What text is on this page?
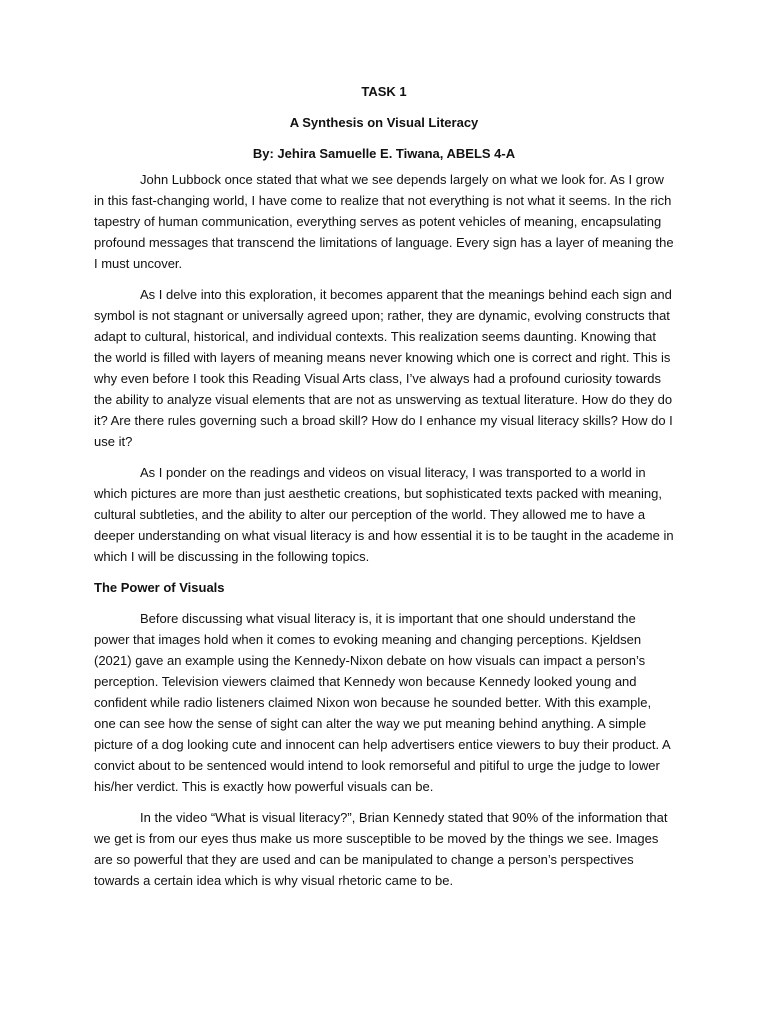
TASK 1
A Synthesis on Visual Literacy
By: Jehira Samuelle E. Tiwana, ABELS 4-A

John Lubbock once stated that what we see depends largely on what we look for. As I grow in this fast-changing world, I have come to realize that not everything is not what it seems. In the rich tapestry of human communication, everything serves as potent vehicles of meaning, encapsulating profound messages that transcend the limitations of language. Every sign has a layer of meaning the I must uncover.

As I delve into this exploration, it becomes apparent that the meanings behind each sign and symbol is not stagnant or universally agreed upon; rather, they are dynamic, evolving constructs that adapt to cultural, historical, and individual contexts. This realization seems daunting. Knowing that the world is filled with layers of meaning means never knowing which one is correct and right. This is why even before I took this Reading Visual Arts class, I’ve always had a profound curiosity towards the ability to analyze visual elements that are not as unswerving as textual literature. How do they do it? Are there rules governing such a broad skill? How do I enhance my visual literacy skills? How do I use it?

As I ponder on the readings and videos on visual literacy, I was transported to a world in which pictures are more than just aesthetic creations, but sophisticated texts packed with meaning, cultural subtleties, and the ability to alter our perception of the world. They allowed me to have a deeper understanding on what visual literacy is and how essential it is to be taught in the academe in which I will be discussing in the following topics.

The Power of Visuals

Before discussing what visual literacy is, it is important that one should understand the power that images hold when it comes to evoking meaning and changing perceptions. Kjeldsen (2021) gave an example using the Kennedy-Nixon debate on how visuals can impact a person’s perception. Television viewers claimed that Kennedy won because Kennedy looked young and confident while radio listeners claimed Nixon won because he sounded better. With this example, one can see how the sense of sight can alter the way we put meaning behind anything. A simple picture of a dog looking cute and innocent can help advertisers entice viewers to buy their product. A convict about to be sentenced would intend to look remorseful and pitiful to urge the judge to lower his/her verdict. This is exactly how powerful visuals can be.

In the video “What is visual literacy?”, Brian Kennedy stated that 90% of the information that we get is from our eyes thus make us more susceptible to be moved by the things we see. Images are so powerful that they are used and can be manipulated to change a person’s perspectives towards a certain idea which is why visual rhetoric came to be.
